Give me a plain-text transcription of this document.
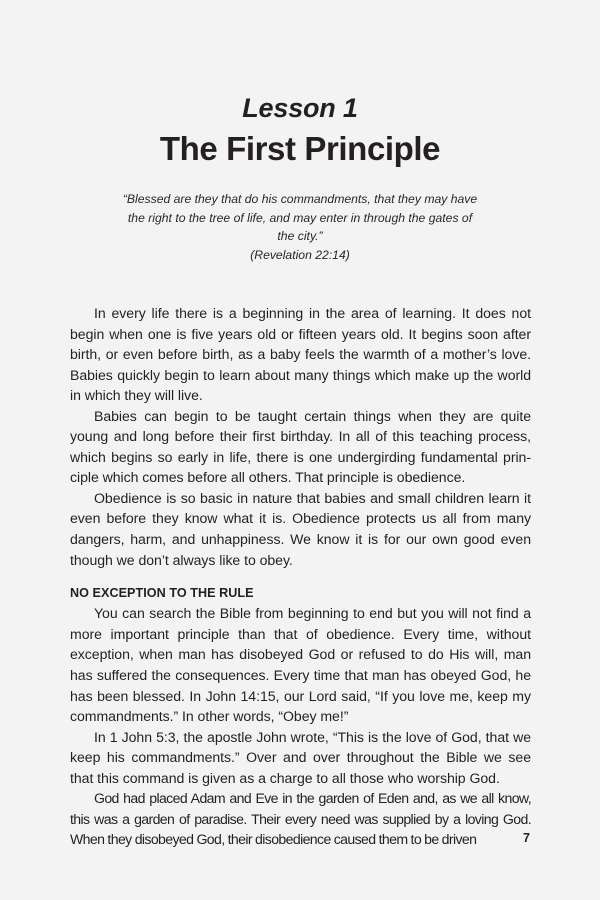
Lesson 1
The First Principle
“Blessed are they that do his commandments, that they may have the right to the tree of life, and may enter in through the gates of the city.”
(Revelation 22:14)

In every life there is a beginning in the area of learning. It does not begin when one is five years old or fifteen years old. It begins soon after birth, or even before birth, as a baby feels the warmth of a mother’s love. Babies quickly begin to learn about many things which make up the world in which they will live.

Babies can begin to be taught certain things when they are quite young and long before their first birthday. In all of this teaching process, which begins so early in life, there is one undergirding fundamental prin-ciple which comes before all others. That principle is obedience.

Obedience is so basic in nature that babies and small children learn it even before they know what it is. Obedience protects us all from many dangers, harm, and unhappiness. We know it is for our own good even though we don’t always like to obey.

NO EXCEPTION TO THE RULE

You can search the Bible from beginning to end but you will not find a more important principle than that of obedience. Every time, without exception, when man has disobeyed God or refused to do His will, man has suffered the consequences. Every time that man has obeyed God, he has been blessed. In John 14:15, our Lord said, “If you love me, keep my commandments.” In other words, “Obey me!”

In 1 John 5:3, the apostle John wrote, “This is the love of God, that we keep his commandments.” Over and over throughout the Bible we see that this command is given as a charge to all those who worship God.

God had placed Adam and Eve in the garden of Eden and, as we all know, this was a garden of paradise. Their every need was supplied by a loving God. When they disobeyed God, their disobedience caused them to be driven	7
